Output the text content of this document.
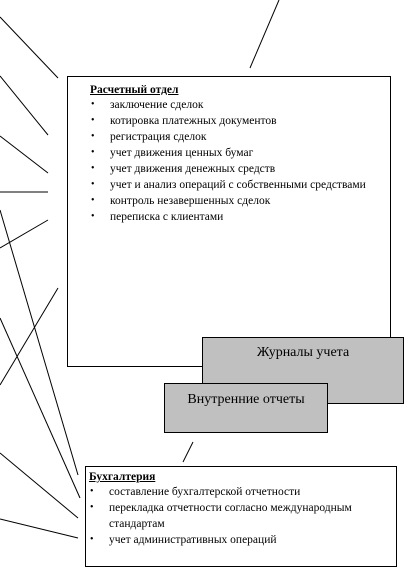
Расчетный отдел
• заключение сделок
• котировка платежных документов
• регистрация сделок
• учет движения ценных бумаг
• учет движения денежных средств
• учет и анализ операций с собственными средствами
• контроль незавершенных сделок
• переписка с клиентами
Журналы учета
Внутренние отчеты
Бухгалтерия
• составление бухгалтерской отчетности
• перекладка отчетности согласно международным стандартам
• учет административных операций
